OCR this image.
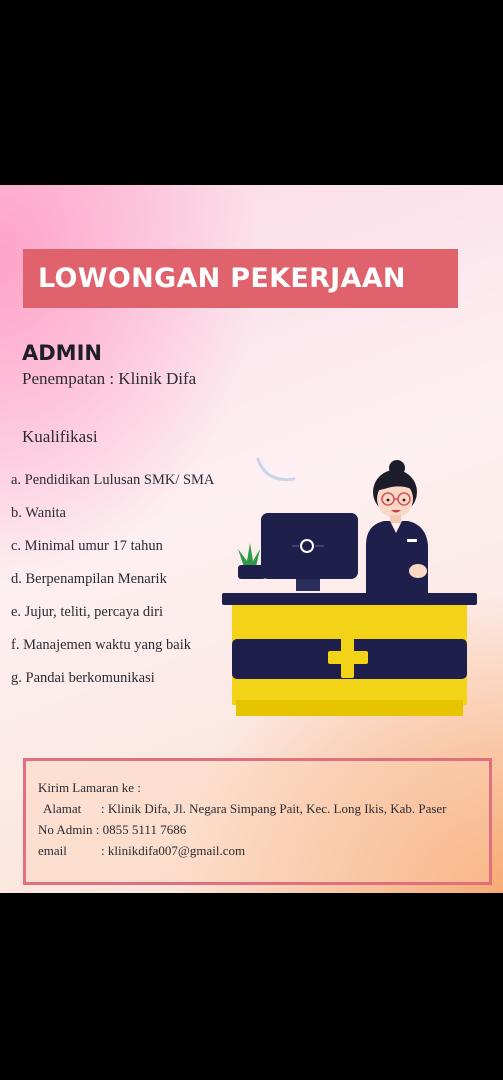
LOWONGAN PEKERJAAN
ADMIN
Penempatan : Klinik Difa
Kualifikasi
a. Pendidikan Lulusan SMK/ SMA
b. Wanita
c. Minimal umur 17 tahun
d. Berpenampilan Menarik
e. Jujur, teliti, percaya diri
f. Manajemen waktu yang baik
g. Pandai berkomunikasi
Kirim Lamaran ke :
Alamat : Klinik Difa, Jl. Negara Simpang Pait, Kec. Long Ikis, Kab. Paser
No Admin : 0855 5111 7686
email	: klinikdifa007@gmail.com
